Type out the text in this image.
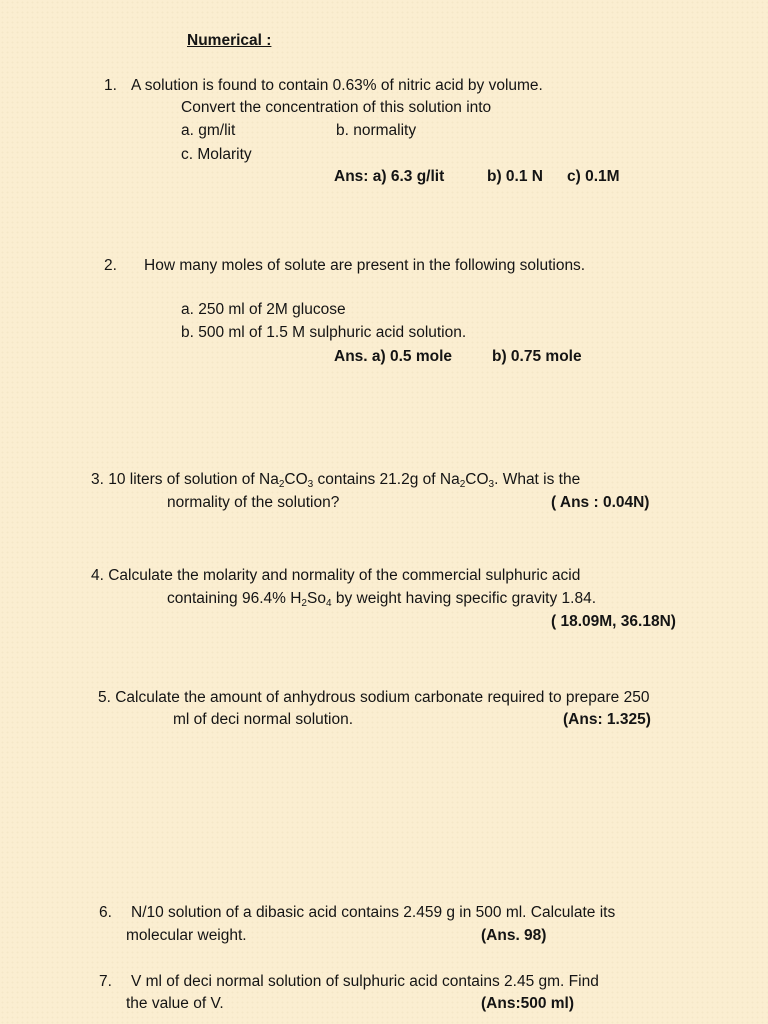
Numerical :
1. A solution is found to contain 0.63% of nitric acid by volume.
Convert the concentration of this solution into
a. gm/lit	b. normality
c. Molarity
Ans: a) 6.3 g/lit	b) 0.1 N c) 0.1M
2. How many moles of solute are present in the following solutions.
a. 250 ml of 2M glucose
b. 500 ml of 1.5 M sulphuric acid solution.
Ans. a) 0.5 mole	b) 0.75 mole
3. 10 liters of solution of $Na_2CO_3$ contains 21.2g of $Na_2CO_3$. What is the
normality of the solution?	( Ans : 0.04N)
4. Calculate the molarity and normality of the commercial sulphuric acid
containing 96.4% $H_2So_4$ by weight having specific gravity 1.84.
( 18.09M, 36.18N)
5. Calculate the amount of anhydrous sodium carbonate required to prepare 250
ml of deci normal solution.	(Ans: 1.325)
6. N/10 solution of a dibasic acid contains 2.459 g in 500 ml. Calculate its
molecular weight.	(Ans. 98)
7. V ml of deci normal solution of sulphuric acid contains 2.45 gm. Find
the value of V.	(Ans:500 ml)
